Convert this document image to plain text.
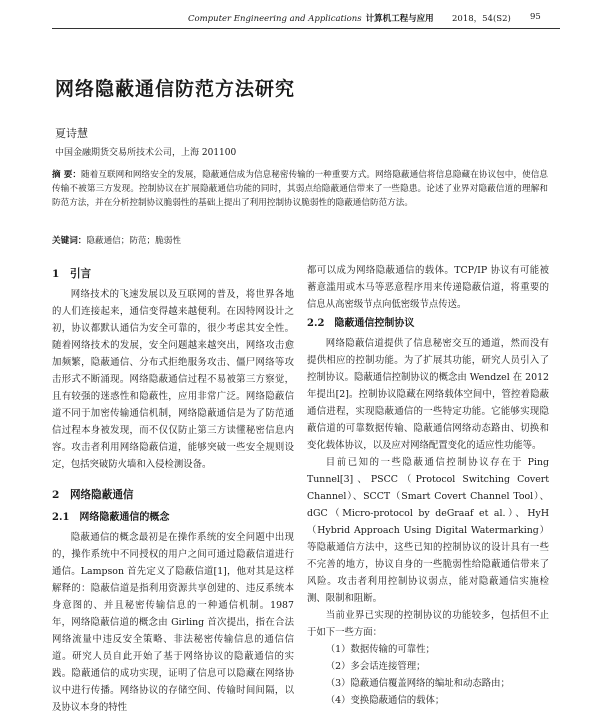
Computer Engineering and Applications 计算机工程与应用 2018，54(S2) 95
网络隐蔽通信防范方法研究
夏诗慧
中国金融期货交易所技术公司，上海 201100
摘 要：随着互联网和网络安全的发展，隐蔽通信成为信息秘密传输的一种重要方式。网络隐蔽通信将信息隐藏在协议包中，使信息传输不被第三方发现。控制协议在扩展隐蔽通信功能的同时，其弱点给隐蔽通信带来了一些隐患。论述了业界对隐蔽信道的理解和防范方法，并在分析控制协议脆弱性的基础上提出了利用控制协议脆弱性的隐蔽通信防范方法。
关键词：隐蔽通信；防范；脆弱性
1　引言

网络技术的飞速发展以及互联网的普及，将世界各地的人们连接起来，通信变得越来越便利。在因特网设计之初，协议都默认通信为安全可靠的，很少考虑其安全性。随着网络技术的发展，安全问题越来越突出，网络攻击愈加频繁，隐蔽通信、分布式拒绝服务攻击、僵尸网络等攻击形式不断涌现。网络隐蔽通信过程不易被第三方察觉，且有较强的迷惑性和隐蔽性，应用非常广泛。网络隐蔽信道不同于加密传输通信机制，网络隐蔽通信是为了防范通信过程本身被发现，而不仅仅防止第三方读懂秘密信息内容。攻击者利用网络隐蔽信道，能够突破一些安全规则设定，包括突破防火墙和入侵检测设备。

2　网络隐蔽通信
2.1　网络隐蔽通信的概念

隐蔽通信的概念最初是在操作系统的安全问题中出现的，操作系统中不同授权的用户之间可通过隐蔽信道进行通信。Lampson 首先定义了隐蔽信道[1]，他对其是这样解释的：隐蔽信道是指利用资源共享创建的、违反系统本身意图的、并且秘密传输信息的一种通信机制。1987 年，网络隐蔽信道的概念由 Girling 首次提出，指在合法网络流量中违反安全策略、非法秘密传输信息的通信信道。研究人员自此开始了基于网络协议的隐蔽通信的实践。隐蔽通信的成功实现，证明了信息可以隐藏在网络协议中进行传播。网络协议的存储空间、传输时间间隔，以及协议本身的特性

都可以成为网络隐蔽通信的载体。TCP/IP 协议有可能被蓄意滥用或木马等恶意程序用来传递隐蔽信道，将重要的信息从高密级节点向低密级节点传送。

2.2　隐蔽通信控制协议

网络隐蔽信道提供了信息秘密交互的通道，然而没有提供相应的控制功能。为了扩展其功能，研究人员引入了控制协议。隐蔽通信控制协议的概念由 Wendzel 在 2012 年提出[2]。控制协议隐藏在网络载体空间中，管控着隐蔽通信进程，实现隐蔽通信的一些特定功能。它能够实现隐蔽信道的可靠数据传输、隐蔽通信网络动态路由、切换和变化载体协议，以及应对网络配置变化的适应性功能等。

目前已知的一些隐蔽通信控制协议存在于 Ping Tunnel[3]、PSCC（Protocol Switching Covert Channel）、SCCT（Smart Covert Channel Tool）、dGC（Micro-protocol by deGraaf et al.）、HyH（Hybrid Approach Using Digital Watermarking）等隐蔽通信方法中，这些已知的控制协议的设计具有一些不完善的地方，协议自身的一些脆弱性给隐蔽通信带来了风险。攻击者利用控制协议弱点，能对隐蔽通信实施检测、限制和阻断。

当前业界已实现的控制协议的功能较多，包括但不止于如下一些方面：

（1）数据传输的可靠性；

（2）多会话连接管理；

（3）隐蔽通信覆盖网络的编址和动态路由；

（4）变换隐蔽通信的载体；
